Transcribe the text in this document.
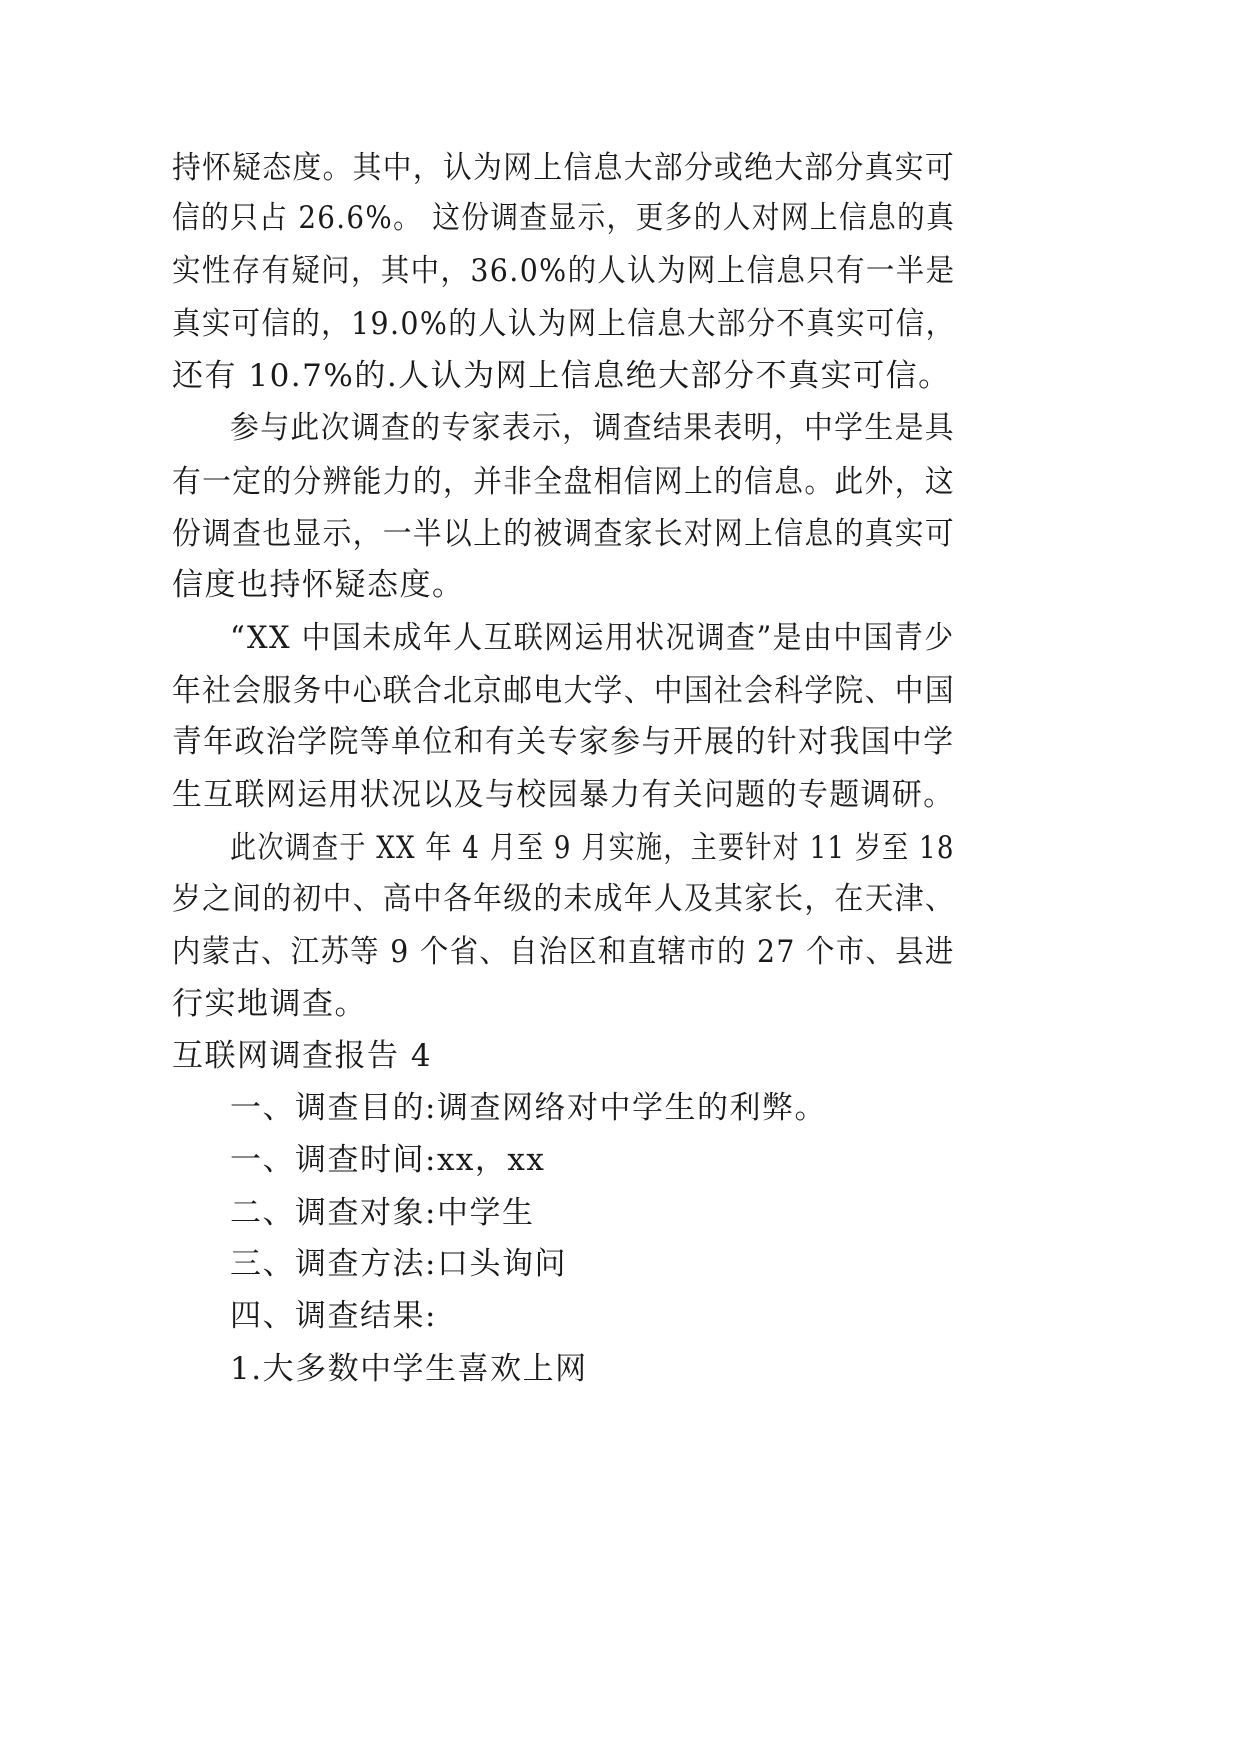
持怀疑态度。其中，认为网上信息大部分或绝大部分真实可
信的只占 26.6%。 这份调查显示，更多的人对网上信息的真
实性存有疑问，其中，36.0%的人认为网上信息只有一半是
真实可信的，19.0%的人认为网上信息大部分不真实可信，
还有 10.7%的.人认为网上信息绝大部分不真实可信。
参与此次调查的专家表示，调查结果表明，中学生是具
有一定的分辨能力的，并非全盘相信网上的信息。此外，这
份调查也显示，一半以上的被调查家长对网上信息的真实可
信度也持怀疑态度。
“XX 中国未成年人互联网运用状况调查”是由中国青少
年社会服务中心联合北京邮电大学、中国社会科学院、中国
青年政治学院等单位和有关专家参与开展的针对我国中学
生互联网运用状况以及与校园暴力有关问题的专题调研。
此次调查于 XX 年 4 月至 9 月实施，主要针对 11 岁至 18
岁之间的初中、高中各年级的未成年人及其家长，在天津、
内蒙古、江苏等 9 个省、自治区和直辖市的 27 个市、县进
行实地调查。
互联网调查报告 4
一、调查目的:调查网络对中学生的利弊。
一、调查时间:xx，xx
二、调查对象:中学生
三、调查方法:口头询问
四、调查结果:
1.大多数中学生喜欢上网
